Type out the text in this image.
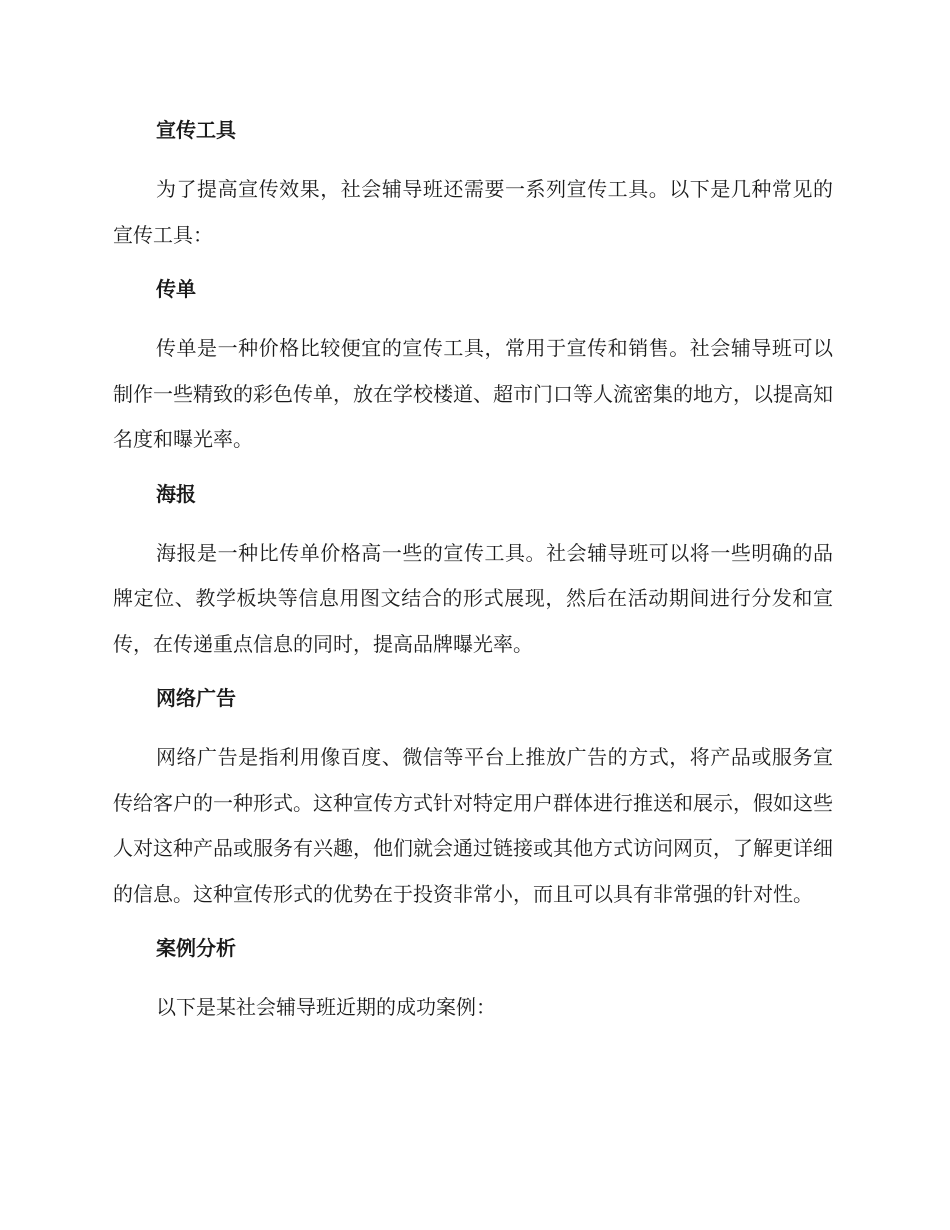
宣传工具

为了提高宣传效果，社会辅导班还需要一系列宣传工具。以下是几种常见的宣传工具：

传单

传单是一种价格比较便宜的宣传工具，常用于宣传和销售。社会辅导班可以制作一些精致的彩色传单，放在学校楼道、超市门口等人流密集的地方，以提高知名度和曝光率。

海报

海报是一种比传单价格高一些的宣传工具。社会辅导班可以将一些明确的品牌定位、教学板块等信息用图文结合的形式展现，然后在活动期间进行分发和宣传，在传递重点信息的同时，提高品牌曝光率。

网络广告

网络广告是指利用像百度、微信等平台上推放广告的方式，将产品或服务宣传给客户的一种形式。这种宣传方式针对特定用户群体进行推送和展示，假如这些人对这种产品或服务有兴趣，他们就会通过链接或其他方式访问网页，了解更详细的信息。这种宣传形式的优势在于投资非常小，而且可以具有非常强的针对性。

案例分析

以下是某社会辅导班近期的成功案例：
